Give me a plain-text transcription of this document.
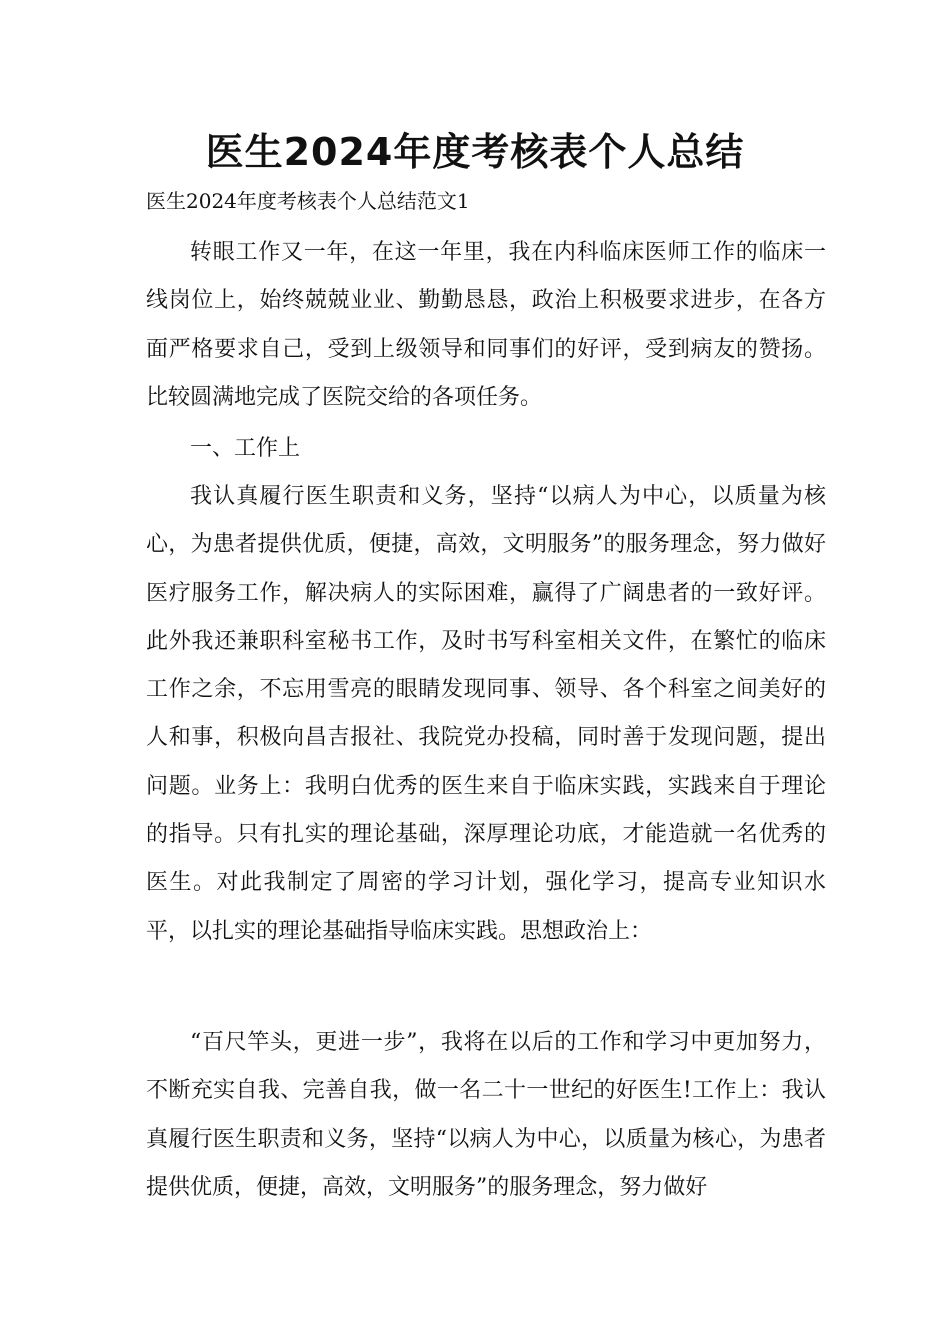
医生2024年度考核表个人总结

医生2024年度考核表个人总结范文1

转眼工作又一年，在这一年里，我在内科临床医师工作的临床一线岗位上，始终兢兢业业、勤勤恳恳，政治上积极要求进步，在各方面严格要求自己，受到上级领导和同事们的好评，受到病友的赞扬。比较圆满地完成了医院交给的各项任务。

一、工作上

我认真履行医生职责和义务，坚持“以病人为中心，以质量为核心，为患者提供优质，便捷，高效，文明服务”的服务理念，努力做好医疗服务工作，解决病人的实际困难，赢得了广阔患者的一致好评。此外我还兼职科室秘书工作，及时书写科室相关文件，在繁忙的临床工作之余，不忘用雪亮的眼睛发现同事、领导、各个科室之间美好的人和事，积极向昌吉报社、我院党办投稿，同时善于发现问题，提出问题。业务上：我明白优秀的医生来自于临床实践，实践来自于理论的指导。只有扎实的理论基础，深厚理论功底，才能造就一名优秀的医生。对此我制定了周密的学习计划，强化学习，提高专业知识水平，以扎实的理论基础指导临床实践。思想政治上：

“百尺竿头，更进一步”，我将在以后的工作和学习中更加努力，不断充实自我、完善自我，做一名二十一世纪的好医生!工作上：我认真履行医生职责和义务，坚持“以病人为中心，以质量为核心，为患者提供优质，便捷，高效，文明服务”的服务理念，努力做好
